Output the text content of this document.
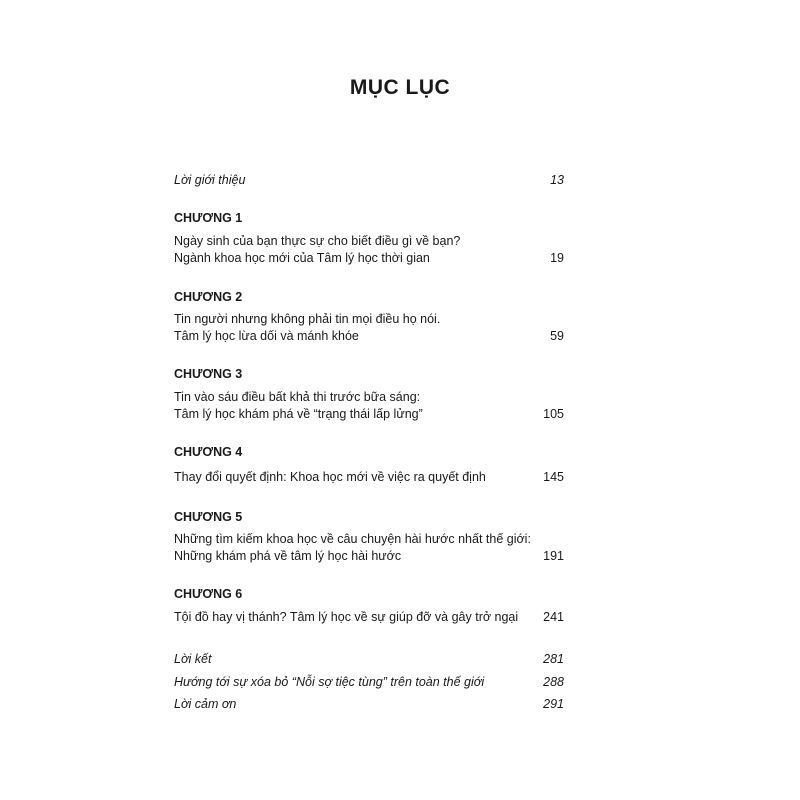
MỤC LỤC
Lời giới thiệu	13
CHƯƠNG 1
Ngày sinh của bạn thực sự cho biết điều gì về bạn?
Ngành khoa học mới của Tâm lý học thời gian	19
CHƯƠNG 2
Tin người nhưng không phải tin mọi điều họ nói.
Tâm lý học lừa dối và mánh khóe	59
CHƯƠNG 3
Tin vào sáu điều bất khả thi trước bữa sáng:
Tâm lý học khám phá về “trạng thái lấp lửng”	105
CHƯƠNG 4
Thay đổi quyết định: Khoa học mới về việc ra quyết định	145
CHƯƠNG 5
Những tìm kiếm khoa học về câu chuyện hài hước nhất thế giới:
Những khám phá về tâm lý học hài hước	191
CHƯƠNG 6
Tội đồ hay vị thánh? Tâm lý học về sự giúp đỡ và gây trở ngại	241
Lời kết	281
Hướng tới sự xóa bỏ “Nỗi sợ tiệc tùng” trên toàn thế giới	288
Lời cảm ơn	291
